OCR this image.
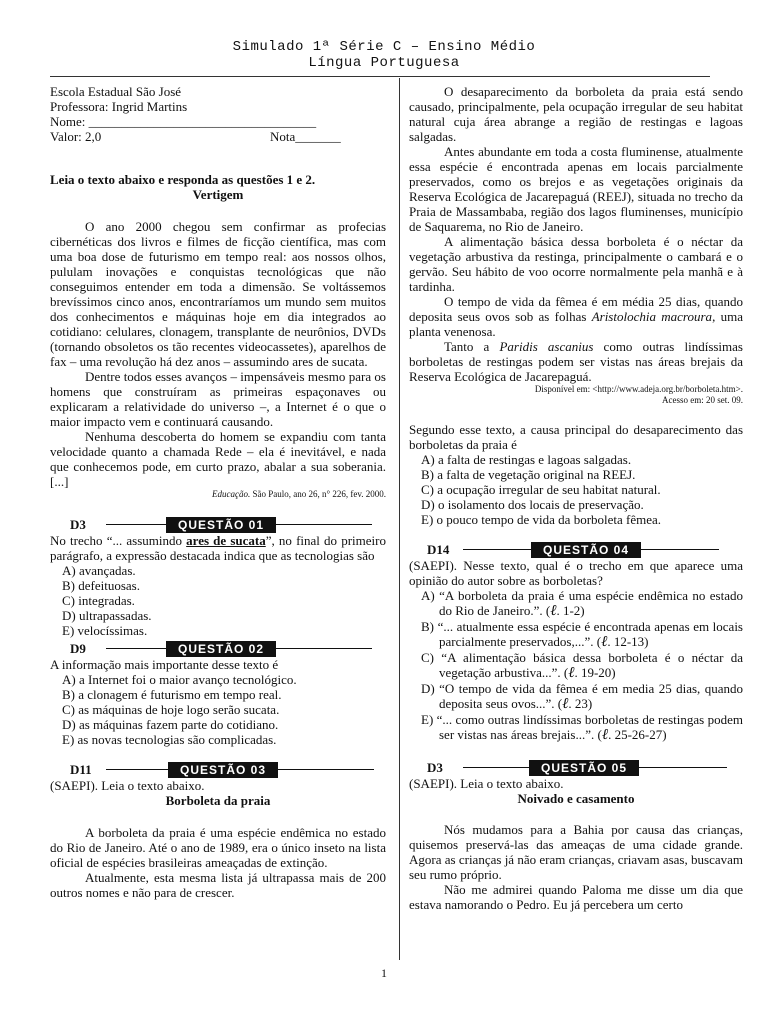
Simulado 1ª Série C – Ensino Médio
Língua Portuguesa

Escola Estadual São José

Professora: Ingrid Martins

Nome: ___________________________________

Valor: 2,0	Nota_______

Leia o texto abaixo e responda as questões 1 e 2.

Vertigem

O ano 2000 chegou sem confirmar as profecias cibernéticas dos livros e filmes de ficção científica, mas com uma boa dose de futurismo em tempo real: aos nossos olhos, pululam inovações e conquistas tecnológicas que não conseguimos entender em toda a dimensão. Se voltássemos brevíssimos cinco anos, encontraríamos um mundo sem muitos dos conhecimentos e máquinas hoje em dia integrados ao cotidiano: celulares, clonagem, transplante de neurônios, DVDs (tornando obsoletos os tão recentes videocassetes), aparelhos de fax – uma revolução há dez anos – assumindo ares de sucata.

Dentre todos esses avanços – impensáveis mesmo para os homens que construíram as primeiras espaçonaves ou explicaram a relatividade do universo –, a Internet é o que o maior impacto vem e continuará causando.

Nenhuma descoberta do homem se expandiu com tanta velocidade quanto a chamada Rede – ela é inevitável, e nada que conhecemos pode, em curto prazo, abalar a sua soberania. [...]

Educação. São Paulo, ano 26, n° 226, fev. 2000.

D3	QUESTÃO 01

No trecho “... assumindo ares de sucata”, no final do primeiro parágrafo, a expressão destacada indica que as tecnologias são

A) avançadas.

B) defeituosas.

C) integradas.

D) ultrapassadas.

E) velocíssimas.

D9	QUESTÃO 02

A informação mais importante desse texto é

A) a Internet foi o maior avanço tecnológico.

B) a clonagem é futurismo em tempo real.

C) as máquinas de hoje logo serão sucata.

D) as máquinas fazem parte do cotidiano.

E) as novas tecnologias são complicadas.

D11	QUESTÃO 03

(SAEPI). Leia o texto abaixo.

Borboleta da praia

A borboleta da praia é uma espécie endêmica no estado do Rio de Janeiro. Até o ano de 1989, era o único inseto na lista oficial de espécies brasileiras ameaçadas de extinção.

Atualmente, esta mesma lista já ultrapassa mais de 200 outros nomes e não para de crescer.

O desaparecimento da borboleta da praia está sendo causado, principalmente, pela ocupação irregular de seu habitat natural cuja área abrange a região de restingas e lagoas salgadas.

Antes abundante em toda a costa fluminense, atualmente essa espécie é encontrada apenas em locais parcialmente preservados, como os brejos e as vegetações originais da Reserva Ecológica de Jacarepaguá (REEJ), situada no trecho da Praia de Massambaba, região dos lagos fluminenses, município de Saquarema, no Rio de Janeiro.

A alimentação básica dessa borboleta é o néctar da vegetação arbustiva da restinga, principalmente o cambará e o gervão. Seu hábito de voo ocorre normalmente pela manhã e à tardinha.

O tempo de vida da fêmea é em média 25 dias, quando deposita seus ovos sob as folhas Aristolochia macroura, uma planta venenosa.

Tanto a Paridis ascanius como outras lindíssimas borboletas de restingas podem ser vistas nas áreas brejais da Reserva Ecológica de Jacarepaguá.

Disponível em: <http://www.adeja.org.br/borboleta.htm>.

Acesso em: 20 set. 09.

Segundo esse texto, a causa principal do desaparecimento das borboletas da praia é

A) a falta de restingas e lagoas salgadas.

B) a falta de vegetação original na REEJ.

C) a ocupação irregular de seu habitat natural.

D) o isolamento dos locais de preservação.

E) o pouco tempo de vida da borboleta fêmea.

D14	QUESTÃO 04

(SAEPI). Nesse texto, qual é o trecho em que aparece uma opinião do autor sobre as borboletas?

A) “A borboleta da praia é uma espécie endêmica no estado do Rio de Janeiro.”. (ℓ. 1-2)

B) “... atualmente essa espécie é encontrada apenas em locais parcialmente preservados,...”. (ℓ. 12-13)

C) “A alimentação básica dessa borboleta é o néctar da vegetação arbustiva...”. (ℓ. 19-20)

D) “O tempo de vida da fêmea é em media 25 dias, quando deposita seus ovos...”. (ℓ. 23)

E) “... como outras lindíssimas borboletas de restingas podem ser vistas nas áreas brejais...”. (ℓ. 25-26-27)

D3	QUESTÃO 05

(SAEPI). Leia o texto abaixo.

Noivado e casamento

Nós mudamos para a Bahia por causa das crianças, quisemos preservá-las das ameaças de uma cidade grande. Agora as crianças já não eram crianças, criavam asas, buscavam seu rumo próprio.

Não me admirei quando Paloma me disse um dia que estava namorando o Pedro. Eu já percebera um certo

1
